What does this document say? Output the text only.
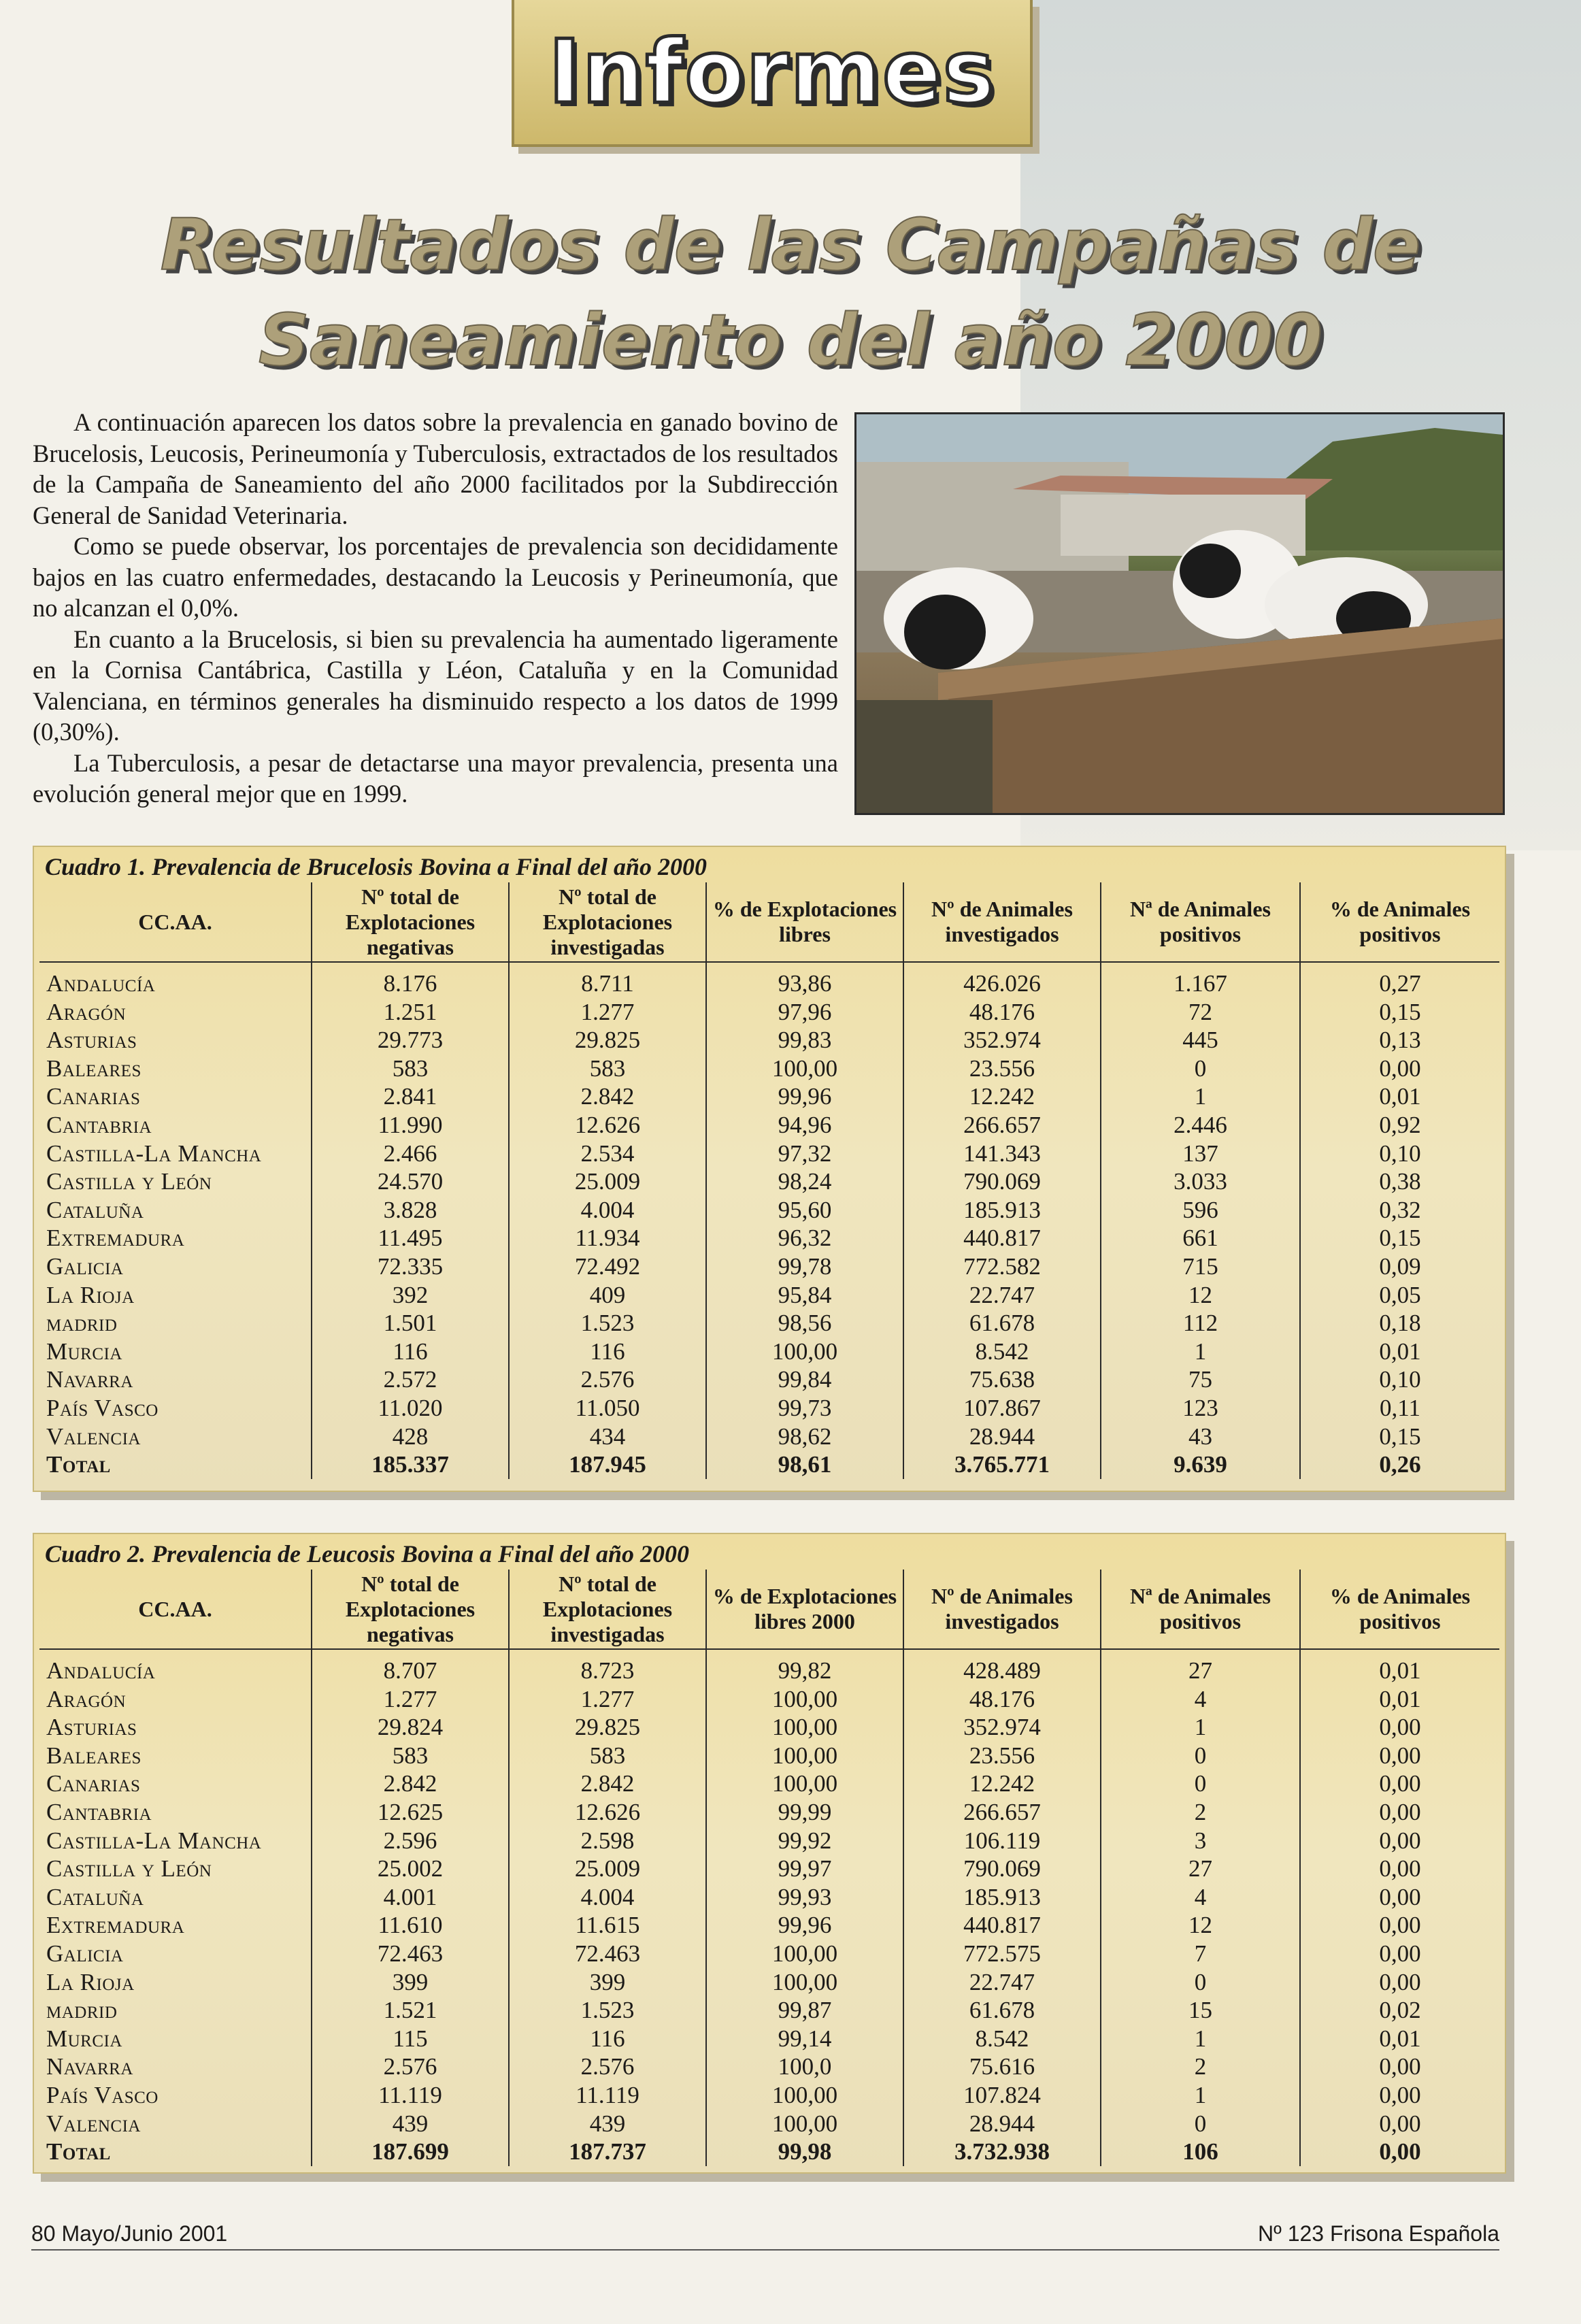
Informes
Resultados de las Campañas de
Saneamiento del año 2000

A continuación aparecen los datos sobre la prevalencia en ganado bovino de Brucelosis, Leucosis, Perineumonía y Tuberculosis, extractados de los resultados de la Campaña de Saneamiento del año 2000 facilitados por la Subdirección General de Sanidad Veterinaria.

Como se puede observar, los porcentajes de prevalencia son decididamente bajos en las cuatro enfermedades, destacando la Leucosis y Perineumonía, que no alcanzan el 0,0%.

En cuanto a la Brucelosis, si bien su prevalencia ha aumentado ligeramente en la Cornisa Cantábrica, Castilla y Léon, Cataluña y en la Comunidad Valenciana, en términos generales ha disminuido respecto a los datos de 1999 (0,30%).

La Tuberculosis, a pesar de detactarse una mayor prevalencia, presenta una evolución general mejor que en 1999.

Cuadro 1. Prevalencia de Brucelosis Bovina a Final del año 2000
CC.AA.	Nº total de Explotaciones negativas	Nº total de Explotaciones investigadas	% de Explotaciones libres	Nº de Animales investigados	Nª de Animales positivos	% de Animales positivos
Andalucía	8.176	8.711	93,86	426.026	1.167	0,27
Aragón	1.251	1.277	97,96	48.176	72	0,15
Asturias	29.773	29.825	99,83	352.974	445	0,13
Baleares	583	583	100,00	23.556	0	0,00
Canarias	2.841	2.842	99,96	12.242	1	0,01
Cantabria	11.990	12.626	94,96	266.657	2.446	0,92
Castilla-La Mancha	2.466	2.534	97,32	141.343	137	0,10
Castilla y León	24.570	25.009	98,24	790.069	3.033	0,38
Cataluña	3.828	4.004	95,60	185.913	596	0,32
Extremadura	11.495	11.934	96,32	440.817	661	0,15
Galicia	72.335	72.492	99,78	772.582	715	0,09
La Rioja	392	409	95,84	22.747	12	0,05
madrid	1.501	1.523	98,56	61.678	112	0,18
Murcia	116	116	100,00	8.542	1	0,01
Navarra	2.572	2.576	99,84	75.638	75	0,10
País Vasco	11.020	11.050	99,73	107.867	123	0,11
Valencia	428	434	98,62	28.944	43	0,15
Total	185.337	187.945	98,61	3.765.771	9.639	0,26
Cuadro 2. Prevalencia de Leucosis Bovina a Final del año 2000
CC.AA.	Nº total de Explotaciones negativas	Nº total de Explotaciones investigadas	% de Explotaciones libres 2000	Nº de Animales investigados	Nª de Animales positivos	% de Animales positivos
Andalucía	8.707	8.723	99,82	428.489	27	0,01
Aragón	1.277	1.277	100,00	48.176	4	0,01
Asturias	29.824	29.825	100,00	352.974	1	0,00
Baleares	583	583	100,00	23.556	0	0,00
Canarias	2.842	2.842	100,00	12.242	0	0,00
Cantabria	12.625	12.626	99,99	266.657	2	0,00
Castilla-La Mancha	2.596	2.598	99,92	106.119	3	0,00
Castilla y León	25.002	25.009	99,97	790.069	27	0,00
Cataluña	4.001	4.004	99,93	185.913	4	0,00
Extremadura	11.610	11.615	99,96	440.817	12	0,00
Galicia	72.463	72.463	100,00	772.575	7	0,00
La Rioja	399	399	100,00	22.747	0	0,00
madrid	1.521	1.523	99,87	61.678	15	0,02
Murcia	115	116	99,14	8.542	1	0,01
Navarra	2.576	2.576	100,0	75.616	2	0,00
País Vasco	11.119	11.119	100,00	107.824	1	0,00
Valencia	439	439	100,00	28.944	0	0,00
Total	187.699	187.737	99,98	3.732.938	106	0,00
80 Mayo/Junio 2001	Nº 123 Frisona Española
